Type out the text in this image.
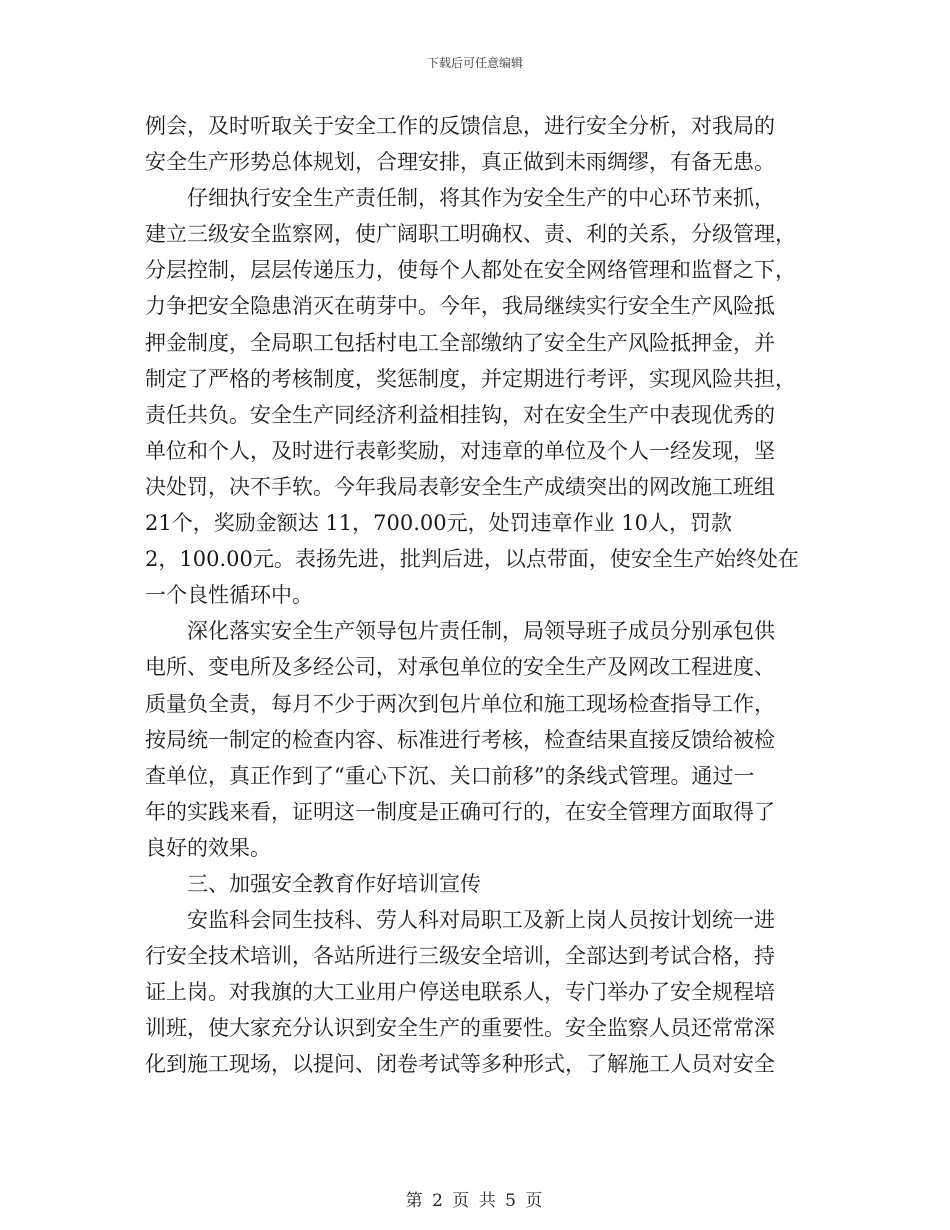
下载后可任意编辑
例会，及时听取关于安全工作的反馈信息，进行安全分析，对我局的
安全生产形势总体规划，合理安排，真正做到未雨绸缪，有备无患。
　　仔细执行安全生产责任制，将其作为安全生产的中心环节来抓，
建立三级安全监察网，使广阔职工明确权、责、利的关系，分级管理，
分层控制，层层传递压力，使每个人都处在安全网络管理和监督之下，
力争把安全隐患消灭在萌芽中。今年，我局继续实行安全生产风险抵
押金制度，全局职工包括村电工全部缴纳了安全生产风险抵押金，并
制定了严格的考核制度，奖惩制度，并定期进行考评，实现风险共担，
责任共负。安全生产同经济利益相挂钩，对在安全生产中表现优秀的
单位和个人，及时进行表彰奖励，对违章的单位及个人一经发现，坚
决处罚，决不手软。今年我局表彰安全生产成绩突出的网改施工班组
21个，奖励金额达 11，700.00元，处罚违章作业 10人，罚款
2，100.00元。表扬先进，批判后进，以点带面，使安全生产始终处在
一个良性循环中。
　　深化落实安全生产领导包片责任制，局领导班子成员分别承包供
电所、变电所及多经公司，对承包单位的安全生产及网改工程进度、
质量负全责，每月不少于两次到包片单位和施工现场检查指导工作，
按局统一制定的检查内容、标准进行考核，检查结果直接反馈给被检
查单位，真正作到了“重心下沉、关口前移”的条线式管理。通过一
年的实践来看，证明这一制度是正确可行的，在安全管理方面取得了
良好的效果。
　　三、加强安全教育作好培训宣传
　　安监科会同生技科、劳人科对局职工及新上岗人员按计划统一进
行安全技术培训，各站所进行三级安全培训，全部达到考试合格，持
证上岗。对我旗的大工业用户停送电联系人，专门举办了安全规程培
训班，使大家充分认识到安全生产的重要性。安全监察人员还常常深
化到施工现场，以提问、闭卷考试等多种形式，了解施工人员对安全
第 2 页 共 5 页
